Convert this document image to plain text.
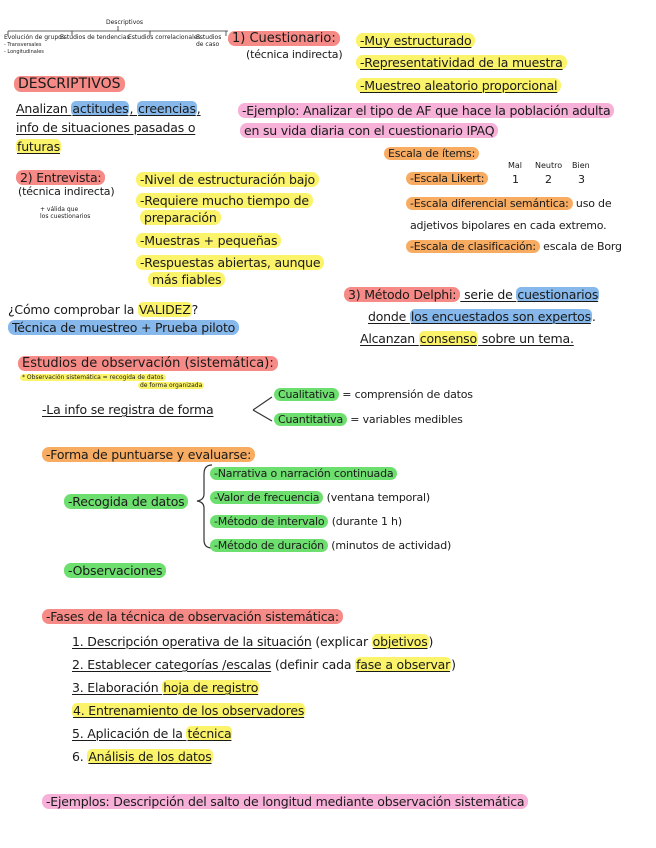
Descriptivos
Evolución de grupos
- Transversales
- Longitudinales
Estudios de tendencias
Estudios correlacionales
Estudios de caso
DESCRIPTIVOS
Analizan actitudes, creencias,
info de situaciones pasadas o
futuras
1) Cuestionario:
(técnica indirecta)
-Muy estructurado
-Representatividad de la muestra
-Muestreo aleatorio proporcional
-Ejemplo: Analizar el tipo de AF que hace la población adulta
en su vida diaria con el cuestionario IPAQ
Escala de ítems:
-Escala Likert:
Mal Neutro Bien
1 2 3
-Escala diferencial semántica: uso de
adjetivos bipolares en cada extremo.
-Escala de clasificación: escala de Borg
2) Entrevista:
(técnica indirecta)
+ válida que
los cuestionarios
-Nivel de estructuración bajo
-Requiere mucho tiempo de
preparación
-Muestras + pequeñas
-Respuestas abiertas, aunque
más fiables
3) Método Delphi: serie de cuestionarios
donde los encuestados son expertos.
Alcanzan consenso sobre un tema.
¿Cómo comprobar la VALIDEZ?
Técnica de muestreo + Prueba piloto
Estudios de observación (sistemática):
* Observación sistemática = recogida de datos
de forma organizada
-La info se registra de forma
Cualitativa = comprensión de datos
Cuantitativa = variables medibles
-Forma de puntuarse y evaluarse:
-Recogida de datos
-Narrativa o narración continuada
-Valor de frecuencia (ventana temporal)
-Método de intervalo (durante 1 h)
-Método de duración (minutos de actividad)
-Observaciones
-Fases de la técnica de observación sistemática:
1. Descripción operativa de la situación (explicar objetivos)
2. Establecer categorías /escalas (definir cada fase a observar)
3. Elaboración hoja de registro
4. Entrenamiento de los observadores
5. Aplicación de la técnica
6. Análisis de los datos
-Ejemplos: Descripción del salto de longitud mediante observación sistemática
